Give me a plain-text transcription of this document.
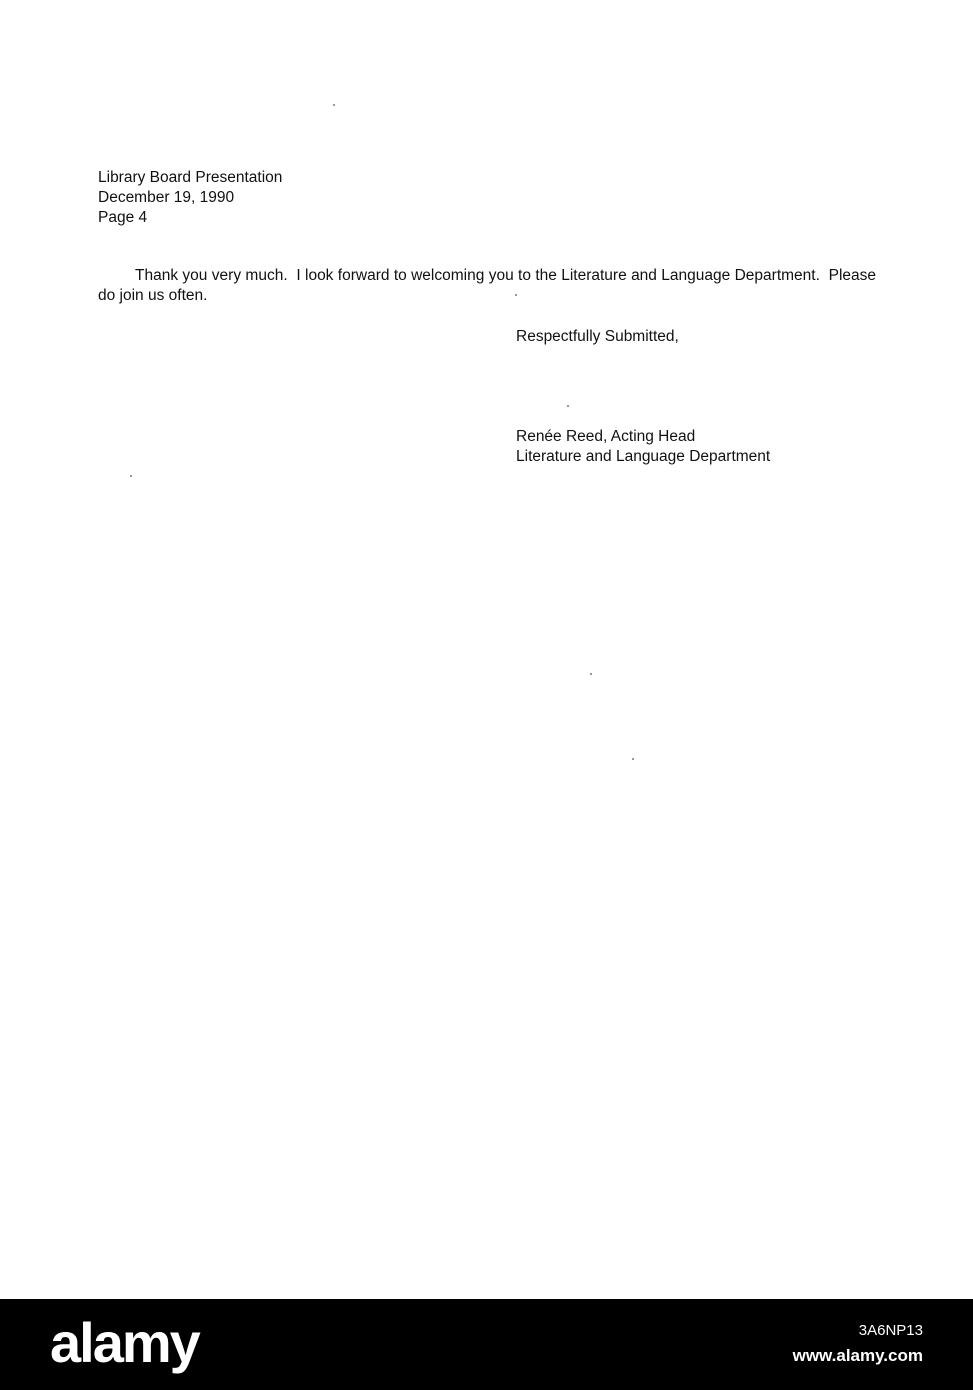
Library Board Presentation
December 19, 1990
Page 4
Thank you very much.  I look forward to welcoming you to the Literature and Language Department.  Please do join us often.
Respectfully Submitted,
Renée Reed, Acting Head
Literature and Language Department
alamy	3A6NP13
www.alamy.com
